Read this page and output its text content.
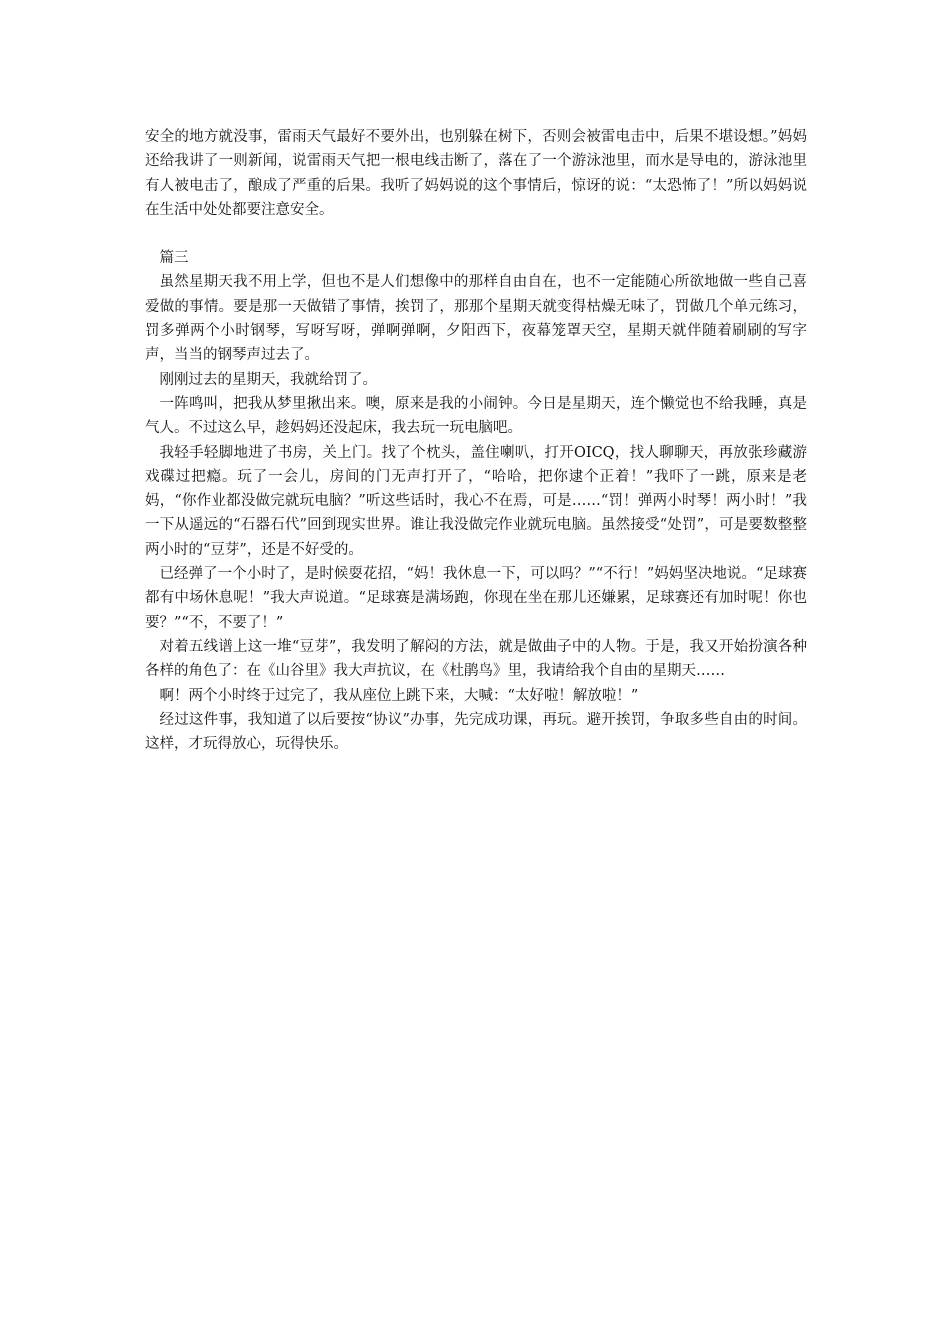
安全的地方就没事，雷雨天气最好不要外出，也别躲在树下，否则会被雷电击中，后果不堪设想。”妈妈还给我讲了一则新闻，说雷雨天气把一根电线击断了，落在了一个游泳池里，而水是导电的，游泳池里有人被电击了，酿成了严重的后果。我听了妈妈说的这个事情后，惊讶的说：“太恐怖了！”所以妈妈说在生活中处处都要注意安全。

篇三

虽然星期天我不用上学，但也不是人们想像中的那样自由自在，也不一定能随心所欲地做一些自己喜爱做的事情。要是那一天做错了事情，挨罚了，那那个星期天就变得枯燥无味了，罚做几个单元练习，罚多弹两个小时钢琴，写呀写呀，弹啊弹啊，夕阳西下，夜幕笼罩天空，星期天就伴随着刷刷的写字声，当当的钢琴声过去了。

刚刚过去的星期天，我就给罚了。

一阵鸣叫，把我从梦里揪出来。噢，原来是我的小闹钟。今日是星期天，连个懒觉也不给我睡，真是气人。不过这么早，趁妈妈还没起床，我去玩一玩电脑吧。

我轻手轻脚地进了书房，关上门。找了个枕头，盖住喇叭，打开OICQ，找人聊聊天，再放张珍藏游戏碟过把瘾。玩了一会儿，房间的门无声打开了，“哈哈，把你逮个正着！”我吓了一跳，原来是老妈，“你作业都没做完就玩电脑？”听这些话时，我心不在焉，可是……“罚！弹两小时琴！两小时！”我一下从遥远的“石器石代”回到现实世界。谁让我没做完作业就玩电脑。虽然接受“处罚”，可是要数整整两小时的“豆芽”，还是不好受的。

已经弹了一个小时了，是时候耍花招，“妈！我休息一下，可以吗？”“不行！”妈妈坚决地说。“足球赛都有中场休息呢！”我大声说道。“足球赛是满场跑，你现在坐在那儿还嫌累，足球赛还有加时呢！你也要？”“不，不要了！”

对着五线谱上这一堆“豆芽”，我发明了解闷的方法，就是做曲子中的人物。于是，我又开始扮演各种各样的角色了：在《山谷里》我大声抗议，在《杜鹃鸟》里，我请给我个自由的星期天……

啊！两个小时终于过完了，我从座位上跳下来，大喊：“太好啦！解放啦！”

经过这件事，我知道了以后要按“协议”办事，先完成功课，再玩。避开挨罚，争取多些自由的时间。这样，才玩得放心，玩得快乐。
